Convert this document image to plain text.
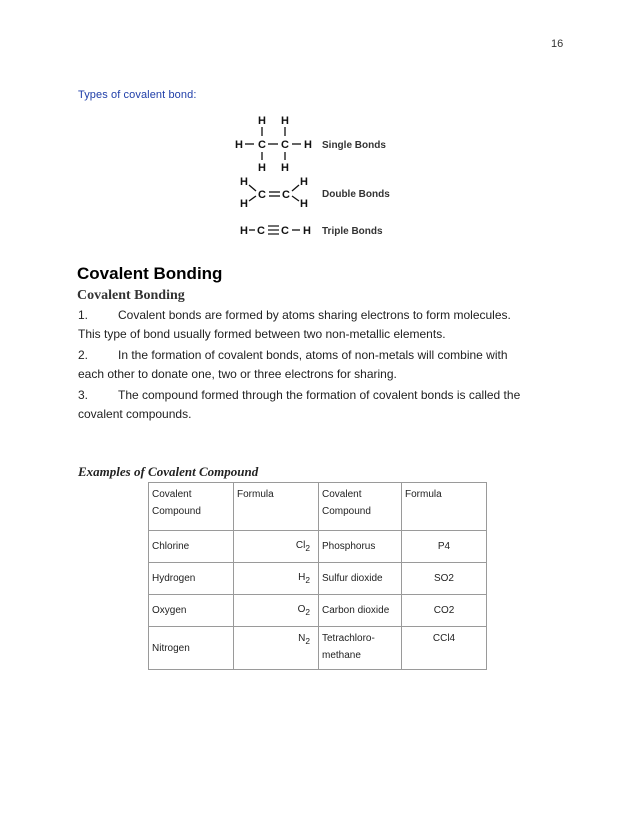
16
Types of covalent bond:
H H
H C C H
H H
Single Bonds
H
H
C C
H
H
Double Bonds
H C C H Triple Bonds
Covalent Bonding
Covalent Bonding
1. Covalent bonds are formed by atoms sharing electrons to form molecules.
This type of bond usually formed between two non-metallic elements.
2. In the formation of covalent bonds, atoms of non-metals will combine with
each other to donate one, two or three electrons for sharing.
3. The compound formed through the formation of covalent bonds is called the
covalent compounds.
Examples of Covalent Compound
Covalent Compound	Formula	Covalent Compound	Formula
Chlorine	$Cl_2$	Phosphorus	P4
Hydrogen	$H_2$	Sulfur dioxide	SO2
Oxygen	$O_2$	Carbon dioxide	CO2
Nitrogen	$N_2$	Tetrachloro-methane	CCl4
